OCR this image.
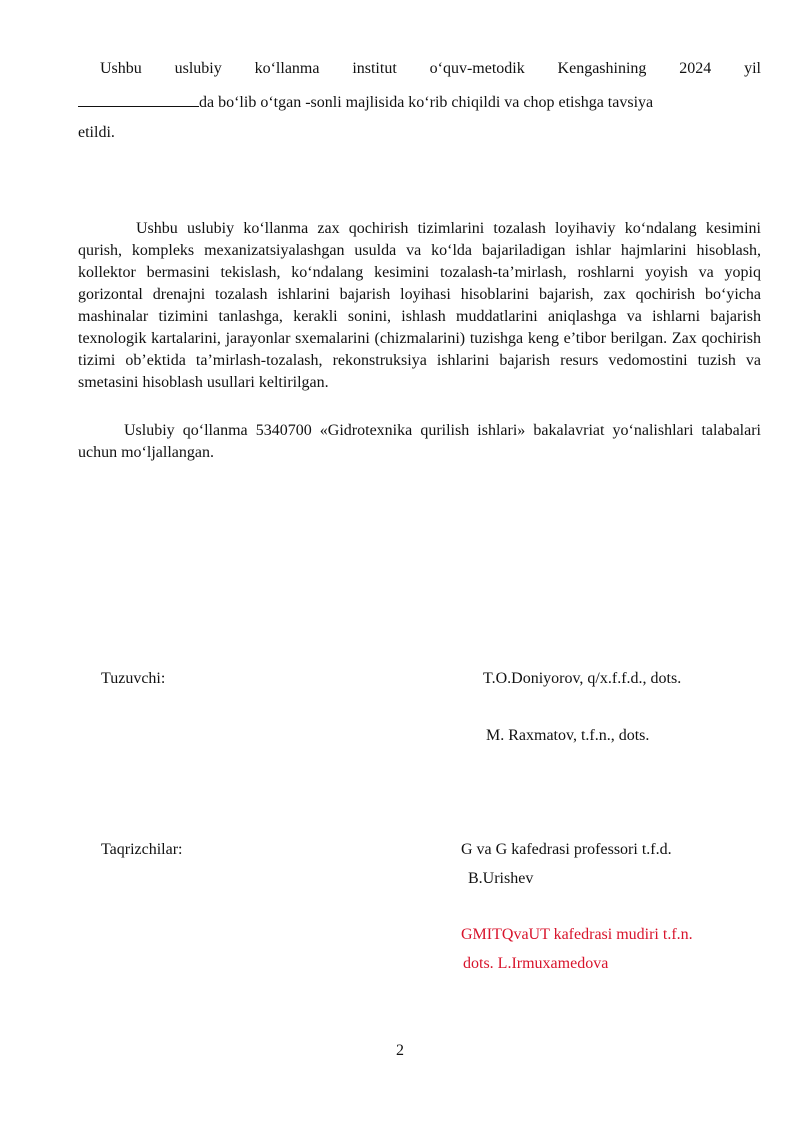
Ushbu uslubiy ko‘llanma institut o‘quv-metodik Kengashining 2024 yil
da bo‘lib o‘tgan -sonli majlisida ko‘rib chiqildi va chop etishga tavsiya
etildi.

Ushbu uslubiy ko‘llanma zax qochirish tizimlarini tozalash loyihaviy ko‘ndalang kesimini qurish, kompleks mexanizatsiyalashgan usulda va ko‘lda bajariladigan ishlar hajmlarini hisoblash, kollektor bermasini tekislash, ko‘ndalang kesimini tozalash-ta’mirlash, roshlarni yoyish va yopiq gorizontal drenajni tozalash ishlarini bajarish loyihasi hisoblarini bajarish, zax qochirish bo‘yicha mashinalar tizimini tanlashga, kerakli sonini, ishlash muddatlarini aniqlashga va ishlarni bajarish texnologik kartalarini, jarayonlar sxemalarini (chizmalarini) tuzishga keng e’tibor berilgan. Zax qochirish tizimi ob’ektida ta’mirlash-tozalash, rekonstruksiya ishlarini bajarish resurs vedomostini tuzish va smetasini hisoblash usullari keltirilgan.

Uslubiy qo‘llanma 5340700 «Gidrotexnika qurilish ishlari» bakalavriat yo‘nalishlari talabalari uchun mo‘ljallangan.

Tuzuvchi:	T.O.Doniyorov, q/x.f.f.d., dots.
M. Raxmatov, t.f.n., dots.
Taqrizchilar:	G va G kafedrasi professori t.f.d.
B.Urishev
GMITQvaUT kafedrasi mudiri t.f.n.
dots. L.Irmuxamedova
2
